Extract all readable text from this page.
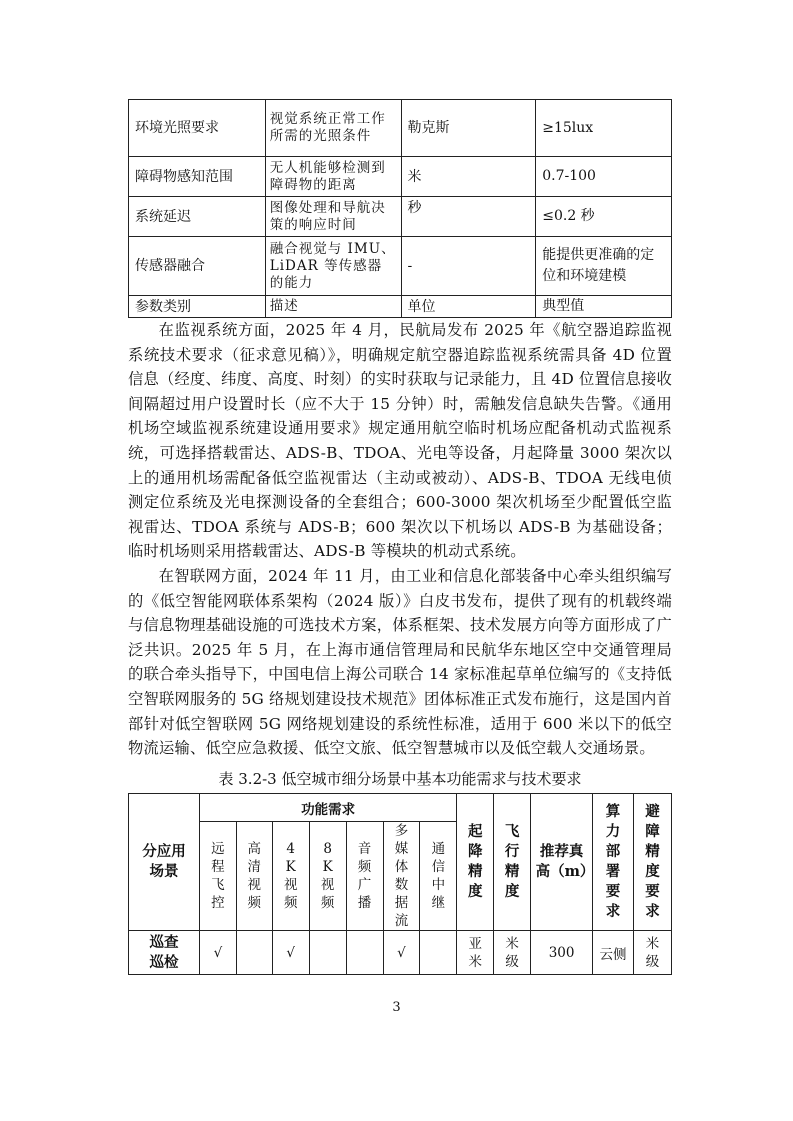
环境光照要求	视觉系统正常工作所需的光照条件	勒克斯	≥15lux
障碍物感知范围	无人机能够检测到障碍物的距离	米	0.7-100
系统延迟	图像处理和导航决策的响应时间	秒	≤0.2 秒
传感器融合	融合视觉与 IMU、LiDAR 等传感器的能力	-	能提供更准确的定位和环境建模
参数类别	描述	单位	典型值

在监视系统方面，2025 年 4 月，民航局发布 2025 年《航空器追踪监视系统技术要求（征求意见稿）》，明确规定航空器追踪监视系统需具备 4D 位置信息（经度、纬度、高度、时刻）的实时获取与记录能力，且 4D 位置信息接收间隔超过用户设置时长（应不大于 15 分钟）时，需触发信息缺失告警。《通用机场空域监视系统建设通用要求》规定通用航空临时机场应配备机动式监视系统，可选择搭载雷达、ADS-B、TDOA、光电等设备，月起降量 3000 架次以上的通用机场需配备低空监视雷达（主动或被动）、ADS-B、TDOA 无线电侦测定位系统及光电探测设备的全套组合；600-3000 架次机场至少配置低空监视雷达、TDOA 系统与 ADS-B；600 架次以下机场以 ADS-B 为基础设备；临时机场则采用搭载雷达、ADS-B 等模块的机动式系统。

在智联网方面，2024 年 11 月，由工业和信息化部装备中心牵头组织编写的《低空智能网联体系架构（2024 版）》白皮书发布，提供了现有的机载终端与信息物理基础设施的可选技术方案，体系框架、技术发展方向等方面形成了广泛共识。2025 年 5 月，在上海市通信管理局和民航华东地区空中交通管理局的联合牵头指导下，中国电信上海公司联合 14 家标准起草单位编写的《支持低空智联网服务的 5G 络规划建设技术规范》团体标准正式发布施行，这是国内首部针对低空智联网 5G 网络规划建设的系统性标准，适用于 600 米以下的低空物流运输、低空应急救援、低空文旅、低空智慧城市以及低空载人交通场景。

表 3.2-3 低空城市细分场景中基本功能需求与技术要求
分应用场景	功能需求							起降精度	飞行精度	推荐真高（m）	算力部署要求	避障精度要求
	远程飞控	高清视频	4K视频	8K视频	音频广播	多媒体数据流	通信中继					
巡查巡检	√		√			√		亚米	米级	300	云侧	米级
3
